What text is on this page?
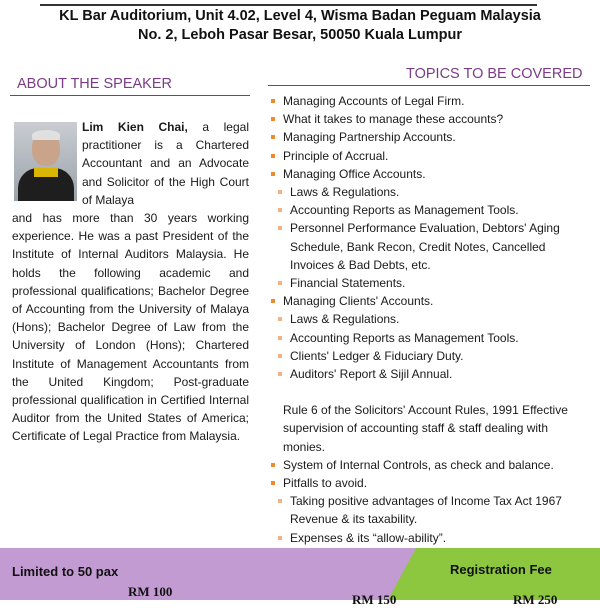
KL Bar Auditorium, Unit 4.02, Level 4, Wisma Badan Peguam Malaysia
No. 2, Leboh Pasar Besar, 50050 Kuala Lumpur
ABOUT THE SPEAKER
TOPICS TO BE COVERED
Lim Kien Chai, a legal practitioner is a Chartered Accountant and an Advocate and Solicitor of the High Court of Malaya
and has more than 30 years working experience. He was a past President of the Institute of Internal Auditors Malaysia. He holds the following academic and professional qualifications; Bachelor Degree of Accounting from the University of Malaya (Hons); Bachelor Degree of Law from the University of London (Hons); Chartered Institute of Management Accountants from the United Kingdom; Post-graduate professional qualification in Certified Internal Auditor from the United States of America; Certificate of Legal Practice from Malaysia.
Managing Accounts of Legal Firm.
What it takes to manage these accounts?
Managing Partnership Accounts.
Principle of Accrual.
Managing Office Accounts.
Laws & Regulations.
Accounting Reports as Management Tools.
Personnel Performance Evaluation, Debtors' Aging Schedule, Bank Recon, Credit Notes, Cancelled Invoices & Bad Debts, etc.
Financial Statements.
Managing Clients' Accounts.
Laws & Regulations.
Accounting Reports as Management Tools.
Clients' Ledger & Fiduciary Duty.
Auditors' Report & Sijil Annual.
Rule 6 of the Solicitors' Account Rules, 1991 Effective supervision of accounting staff & staff dealing with monies.
System of Internal Controls, as check and balance.
Pitfalls to avoid.
Taking positive advantages of Income Tax Act 1967 Revenue & its taxability.
Expenses & its “allow-ability”.
Limited to 50 pax	Registration Fee
RM 100
RM 150	RM 250
